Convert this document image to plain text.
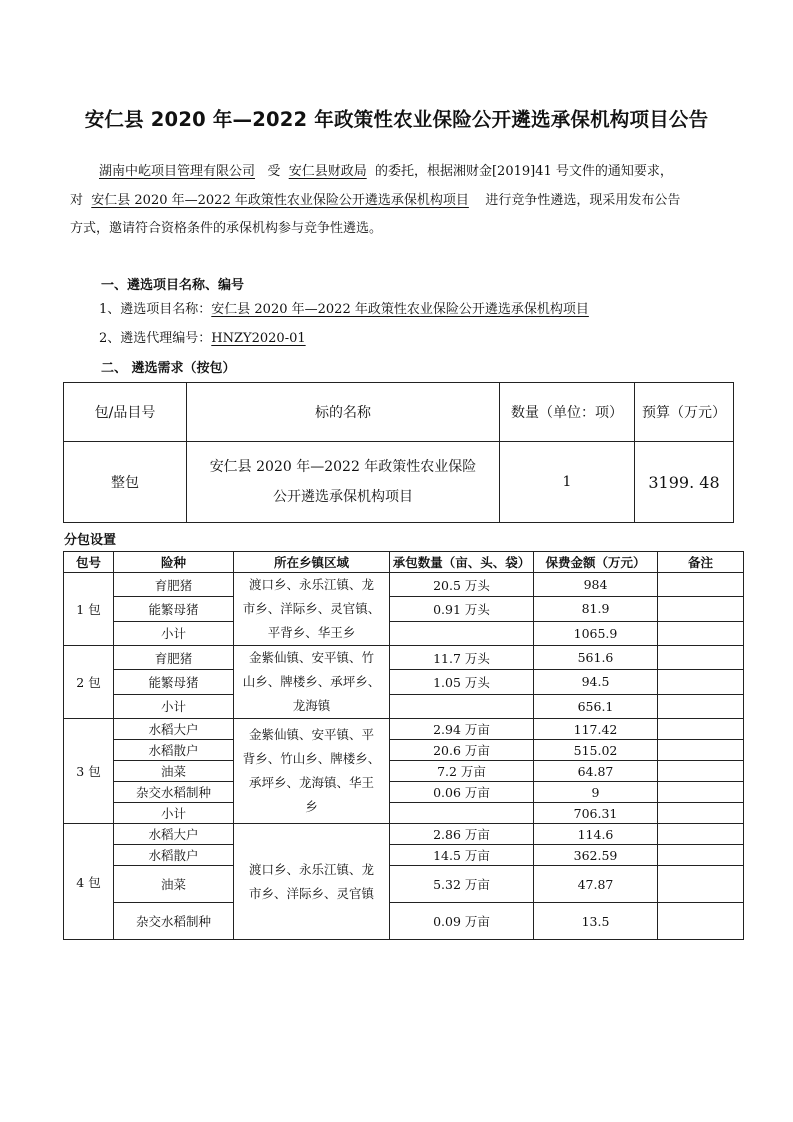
安仁县 2020 年—2022 年政策性农业保险公开遴选承保机构项目公告
湖南中屹项目管理有限公司 受 安仁县财政局 的委托，根据湘财金[2019]41 号文件的通知要求，
对 安仁县 2020 年—2022 年政策性农业保险公开遴选承保机构项目 进行竞争性遴选，现采用发布公告
方式，邀请符合资格条件的承保机构参与竞争性遴选。
一、遴选项目名称、编号
1、遴选项目名称：安仁县 2020 年—2022 年政策性农业保险公开遴选承保机构项目
2、遴选代理编号：HNZY2020-01
二、 遴选需求（按包）
包/品目号	标的名称	数量（单位：项）	预算（万元）
整包	安仁县 2020 年—2022 年政策性农业保险
公开遴选承保机构项目	1	3199. 48
分包设置
包号	险种	所在乡镇区域	承包数量（亩、头、袋）	保费金额（万元）	备注
1 包	育肥猪	渡口乡、永乐江镇、龙
市乡、洋际乡、灵官镇、
平背乡、华王乡	20.5 万头	984	
	能繁母猪		0.91 万头	81.9	
	小计			1065.9	
2 包	育肥猪	金紫仙镇、安平镇、竹
山乡、牌楼乡、承坪乡、
龙海镇	11.7 万头	561.6	
	能繁母猪		1.05 万头	94.5	
	小计			656.1	
3 包	水稻大户	金紫仙镇、安平镇、平
背乡、竹山乡、牌楼乡、
承坪乡、龙海镇、华王
乡	2.94 万亩	117.42	
	水稻散户		20.6 万亩	515.02	
	油菜		7.2 万亩	64.87	
	杂交水稻制种		0.06 万亩	9	
	小计			706.31	
4 包	水稻大户	渡口乡、永乐江镇、龙
市乡、洋际乡、灵官镇	2.86 万亩	114.6	
	水稻散户		14.5 万亩	362.59	
	油菜		5.32 万亩	47.87	
	杂交水稻制种		0.09 万亩	13.5	
